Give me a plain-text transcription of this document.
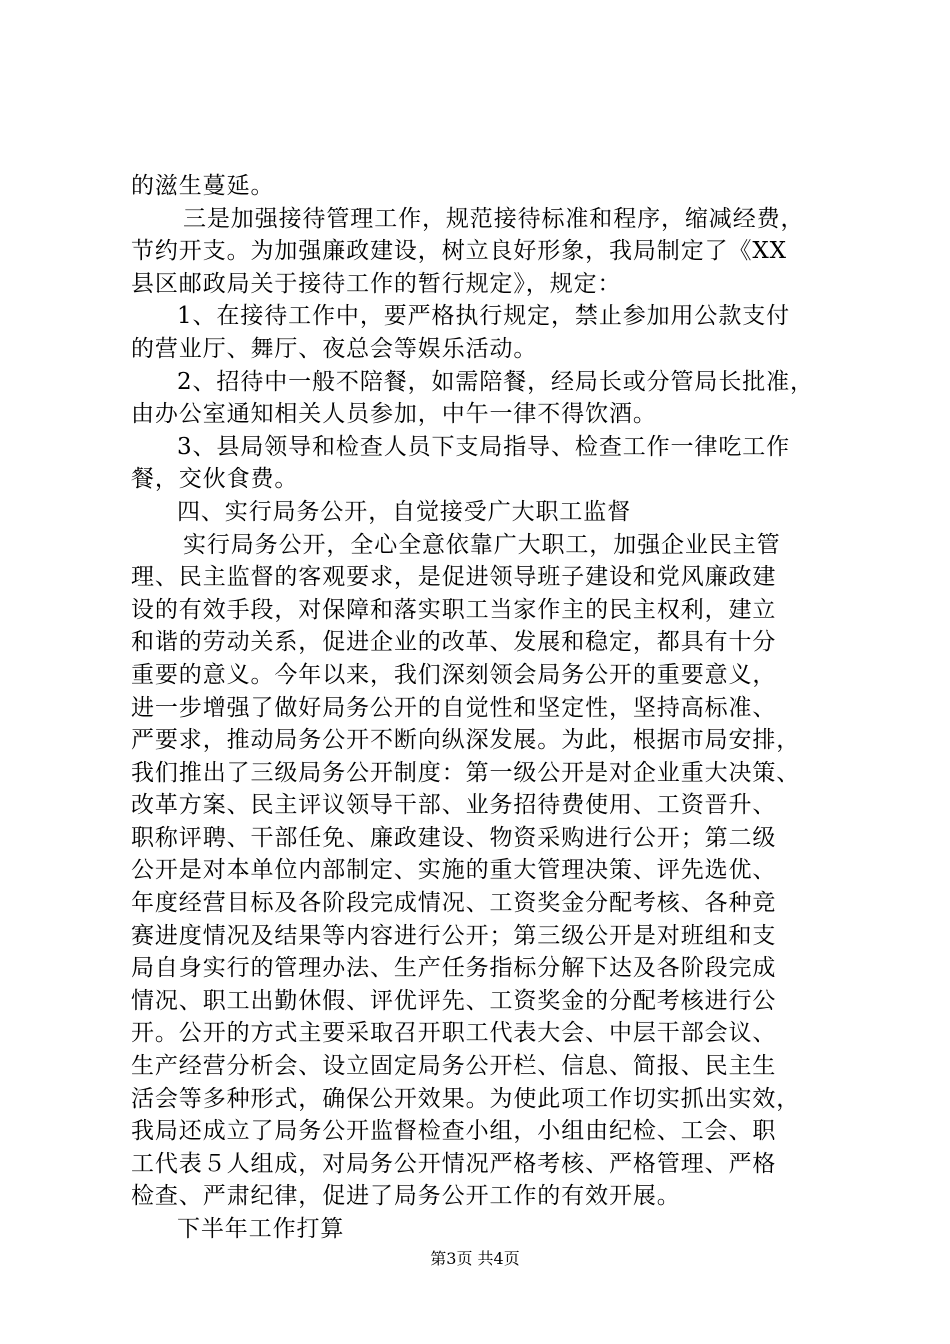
的滋生蔓延。
三是加强接待管理工作，规范接待标准和程序，缩减经费，
节约开支。为加强廉政建设，树立良好形象，我局制定了《XX
县区邮政局关于接待工作的暂行规定》，规定：
1、在接待工作中，要严格执行规定，禁止参加用公款支付
的营业厅、舞厅、夜总会等娱乐活动。
2、招待中一般不陪餐，如需陪餐，经局长或分管局长批准，
由办公室通知相关人员参加，中午一律不得饮酒。
3、县局领导和检查人员下支局指导、检查工作一律吃工作
餐，交伙食费。
四、实行局务公开，自觉接受广大职工监督
实行局务公开，全心全意依靠广大职工，加强企业民主管
理、民主监督的客观要求，是促进领导班子建设和党风廉政建
设的有效手段，对保障和落实职工当家作主的民主权利，建立
和谐的劳动关系，促进企业的改革、发展和稳定，都具有十分
重要的意义。今年以来，我们深刻领会局务公开的重要意义，
进一步增强了做好局务公开的自觉性和坚定性，坚持高标准、
严要求，推动局务公开不断向纵深发展。为此，根据市局安排，
我们推出了三级局务公开制度：第一级公开是对企业重大决策、
改革方案、民主评议领导干部、业务招待费使用、工资晋升、
职称评聘、干部任免、廉政建设、物资采购进行公开；第二级
公开是对本单位内部制定、实施的重大管理决策、评先选优、
年度经营目标及各阶段完成情况、工资奖金分配考核、各种竞
赛进度情况及结果等内容进行公开；第三级公开是对班组和支
局自身实行的管理办法、生产任务指标分解下达及各阶段完成
情况、职工出勤休假、评优评先、工资奖金的分配考核进行公
开。公开的方式主要采取召开职工代表大会、中层干部会议、
生产经营分析会、设立固定局务公开栏、信息、简报、民主生
活会等多种形式，确保公开效果。为使此项工作切实抓出实效，
我局还成立了局务公开监督检查小组，小组由纪检、工会、职
工代表５人组成，对局务公开情况严格考核、严格管理、严格
检查、严肃纪律，促进了局务公开工作的有效开展。
下半年工作打算
第3页 共4页
